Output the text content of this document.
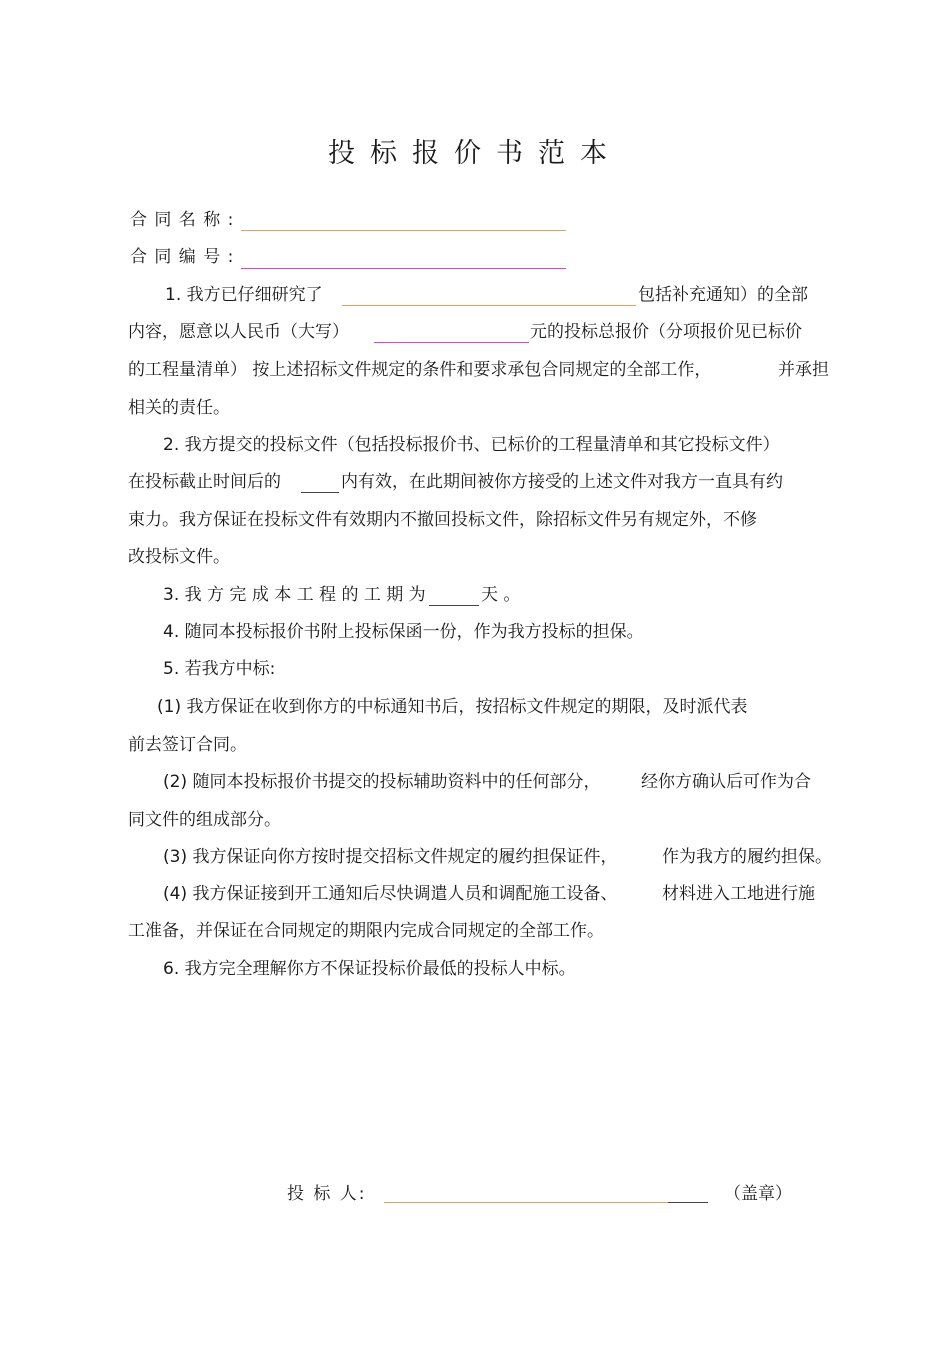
投标报价书范本
合 同 名 称 :
合 同 编 号 :
1. 我方已仔细研究了	包括补充通知）的全部
内容，愿意以人民币（大写）	元的投标总报价（分项报价见已标价
的工程量清单） 按上述招标文件规定的条件和要求承包合同规定的全部工作，	并承担
相关的责任。
2. 我方提交的投标文件（包括投标报价书、已标价的工程量清单和其它投标文件）
在投标截止时间后的	内有效，在此期间被你方接受的上述文件对我方一直具有约
束力。我方保证在投标文件有效期内不撤回投标文件，除招标文件另有规定外，不修
改投标文件。
3. 我 方 完 成 本 工 程 的 工 期 为	天 。
4. 随同本投标报价书附上投标保函一份，作为我方投标的担保。
5. 若我方中标:
(1) 我方保证在收到你方的中标通知书后，按招标文件规定的期限，及时派代表
前去签订合同。
(2) 随同本投标报价书提交的投标辅助资料中的任何部分， 经你方确认后可作为合
同文件的组成部分。
(3) 我方保证向你方按时提交招标文件规定的履约担保证件，	作为我方的履约担保。
(4) 我方保证接到开工通知后尽快调遣人员和调配施工设备、	材料进入工地进行施
工准备，并保证在合同规定的期限内完成合同规定的全部工作。
6. 我方完全理解你方不保证投标价最低的投标人中标。
投 标 人:	（盖章）
